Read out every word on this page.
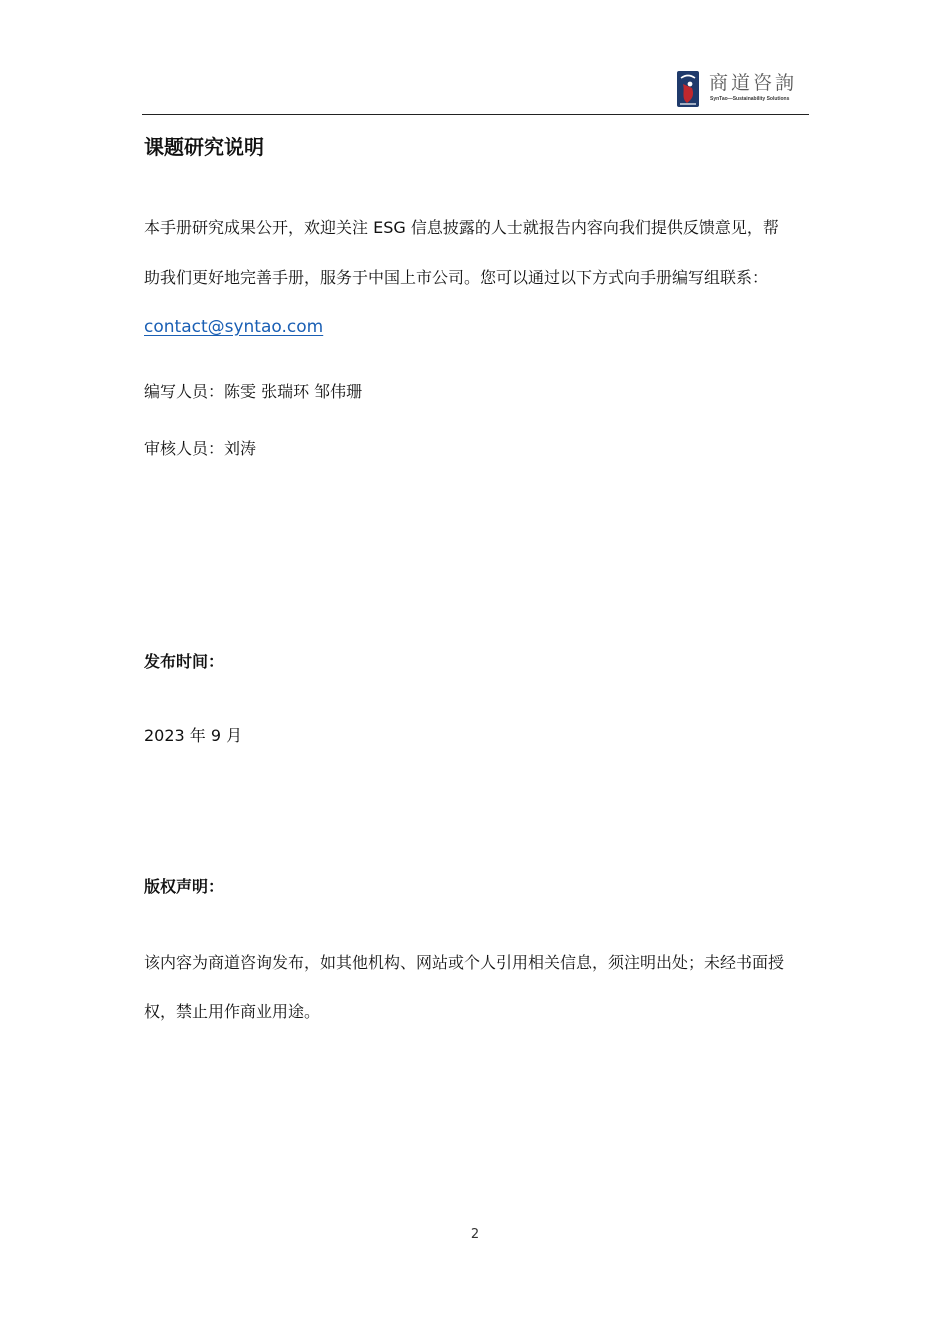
商道咨詢
SynTao—Sustainability Solutions
课题研究说明
本手册研究成果公开，欢迎关注 ESG 信息披露的人士就报告内容向我们提供反馈意见，帮
助我们更好地完善手册，服务于中国上市公司。您可以通过以下方式向手册编写组联系：
contact@syntao.com
编写人员：陈雯 张瑞环 邹伟珊
审核人员：刘涛
发布时间：
2023 年 9 月
版权声明：
该内容为商道咨询发布，如其他机构、网站或个人引用相关信息，须注明出处；未经书面授
权，禁止用作商业用途。
2
